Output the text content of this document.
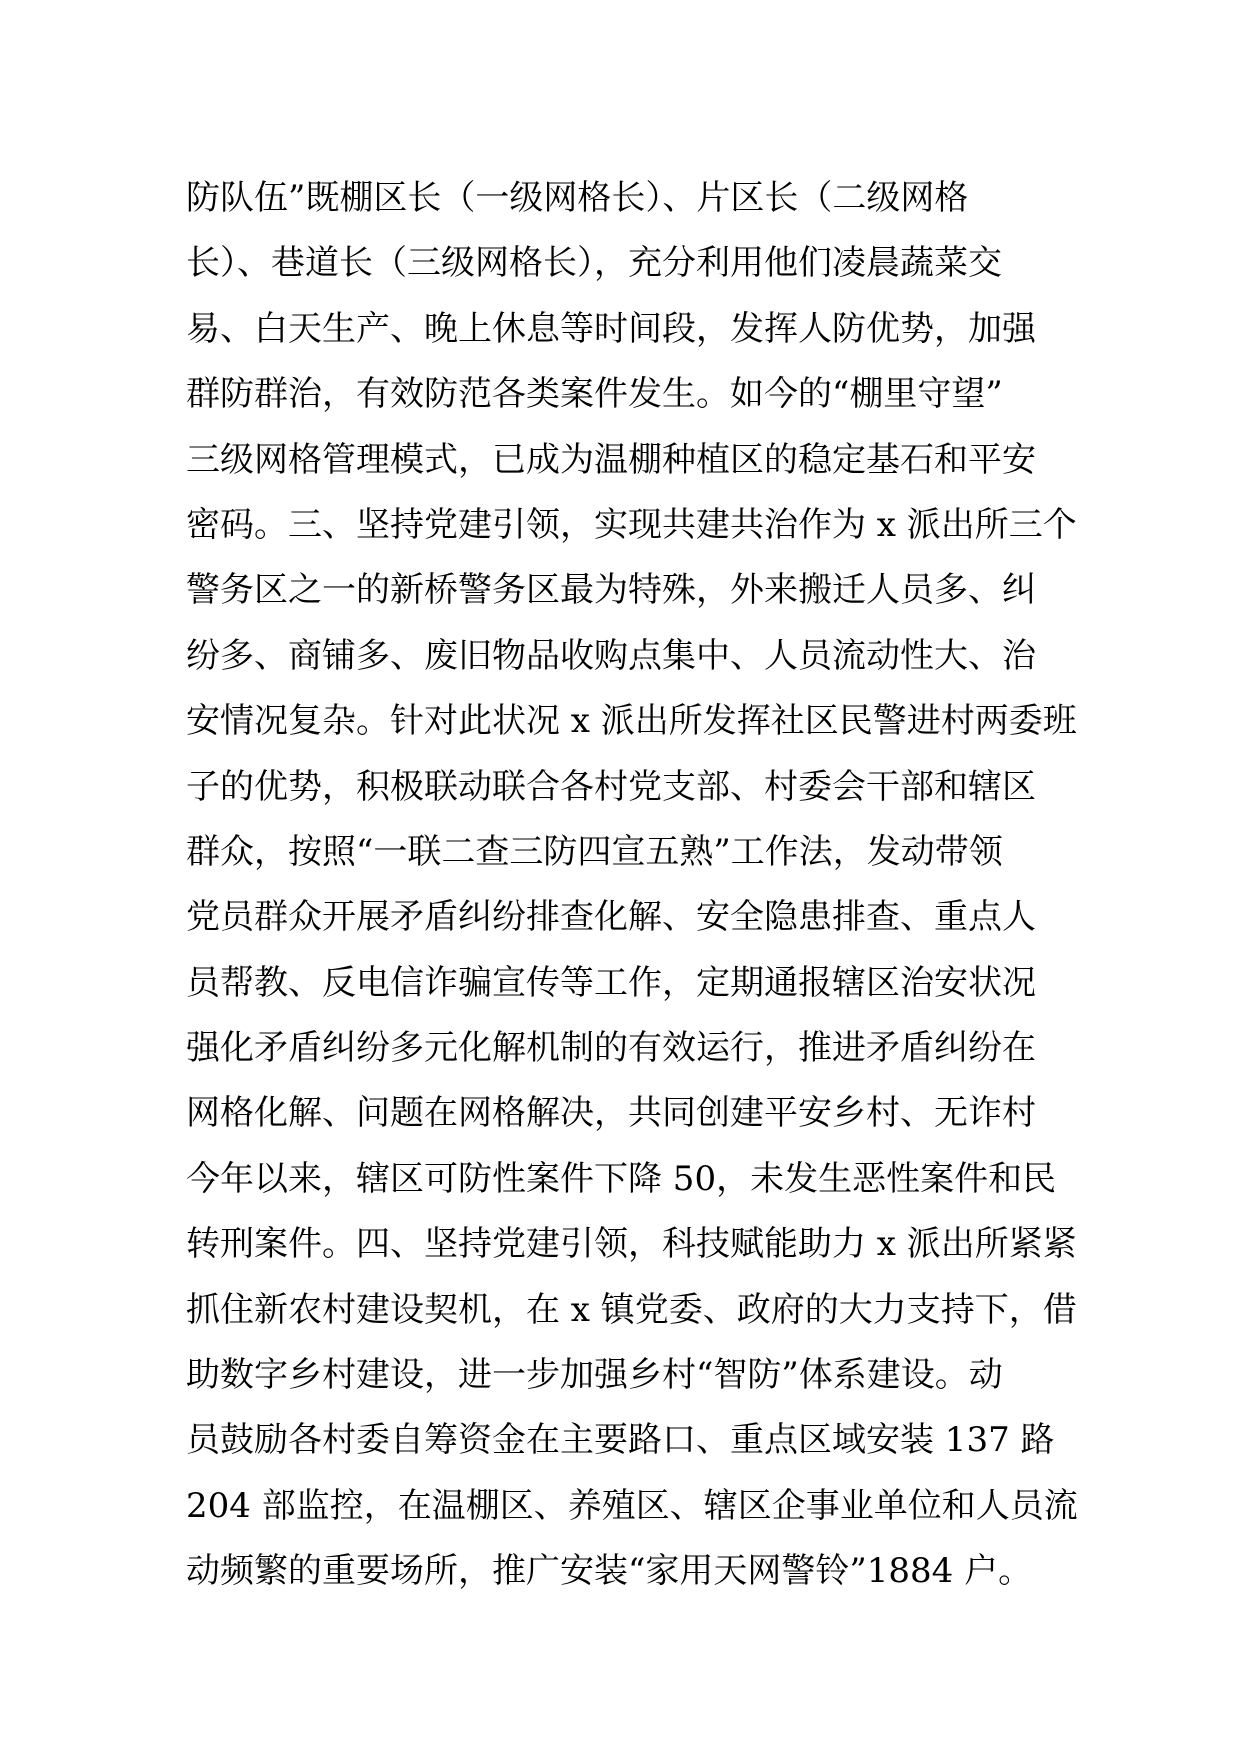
防队伍”既棚区长（一级网格长）、片区长（二级网格
长）、巷道长（三级网格长），充分利用他们凌晨蔬菜交
易、白天生产、晚上休息等时间段，发挥人防优势，加强
群防群治，有效防范各类案件发生。如今的“棚里守望”
三级网格管理模式，已成为温棚种植区的稳定基石和平安
密码。三、坚持党建引领，实现共建共治作为 x 派出所三个
警务区之一的新桥警务区最为特殊，外来搬迁人员多、纠
纷多、商铺多、废旧物品收购点集中、人员流动性大、治
安情况复杂。针对此状况 x 派出所发挥社区民警进村两委班
子的优势，积极联动联合各村党支部、村委会干部和辖区
群众，按照“一联二查三防四宣五熟”工作法，发动带领
党员群众开展矛盾纠纷排查化解、安全隐患排查、重点人
员帮教、反电信诈骗宣传等工作，定期通报辖区治安状况
强化矛盾纠纷多元化解机制的有效运行，推进矛盾纠纷在
网格化解、问题在网格解决，共同创建平安乡村、无诈村
今年以来，辖区可防性案件下降 50，未发生恶性案件和民
转刑案件。四、坚持党建引领，科技赋能助力 x 派出所紧紧
抓住新农村建设契机，在 x 镇党委、政府的大力支持下，借
助数字乡村建设，进一步加强乡村“智防”体系建设。动
员鼓励各村委自筹资金在主要路口、重点区域安装 137 路
204 部监控，在温棚区、养殖区、辖区企事业单位和人员流
动频繁的重要场所，推广安装“家用天网警铃”1884 户。
